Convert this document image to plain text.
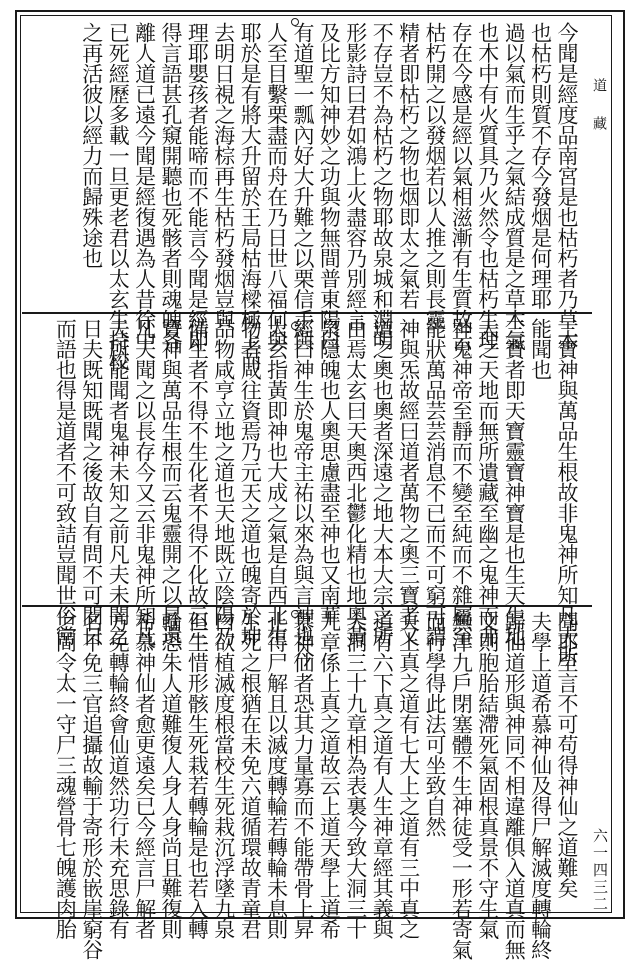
道 藏
六一四三二
今聞是經度品南宮是也枯朽者乃草木
也枯朽則質不存今發烟是何理耶
過以氣而生乎之氣結成質是之草木氣
也木中有火質具乃火然令也枯朽生理
存在今感是經以氣相滋漸有生質故云
枯朽開之以發烟若以人推之則長靈
精者即枯朽之物也烟即太之氣若
不存豈不為枯朽之物耶故泉城和淵明
形影詩曰君如鴻上火盡容乃別經言
及比方知神妙之功與物無間普東陽曰
有道聖一瓢內好大升難之以栗信手與
人至目繫栗盡而舟在乃日世八福何與
耶於是有將大升留於王局枯海樑極上而
去明日視之海棕再生枯朽發烟豈與
理耶嬰孩者能啼而不能言今聞是經即
得言語甚孔窺開聽也死骸者則魂魄各
離人道已遠今聞是經復遇為人昔徐中
已死經歷多載一旦更老君以太玄生持校
之再活彼以經力而歸殊途也
三寶神與萬品生根故非鬼神所知凡夫所
能聞也
三寶者即天寶靈寶神寶是也生天生地
大之天地而無所遺藏至幽之鬼神而弗
神鬼神帝至靜而不變至純而不雜屬至
能狀萬品芸芸消息不已而不可窮可謂
神與炁故經曰道者萬物之奧三寶者又
道之奧也奧者深遠之地大本大宗之所
由焉太玄曰天奧西北鬱化精也地奧黃
泉隱魄也人奧思慮盡至神也又南華
經曰神生於鬼帝主祐以來為與言神也今
大玄指黃即神也大成之氣是自西北生
物者咸往資焉乃元天之道也魄寄於坤
品物咸亨立地之道也天地既立陰陽乃
備生者不得不生化者不得不化故云三
寶神與萬品生根而云鬼靈開之以昇還
凡夫聞之以長存今又云非鬼神所知凡
夫所能聞者鬼神未知之前凡夫未聞之
日夫既知既聞之後故自有問不可問日
而語也得是道者不可致詰豈聞世俗常
聞耶至言不可苟得神仙之道難矣
夫學上道希慕神仙及得尸解滅度轉輪終
歸仙道形與神同不相違離俱入道真而無
文則胞胎結滯死氣固根真景不守生氣
無津九戶閉塞體不生神徒受一形若寄氣
而行學得此法可坐致自然
夫上真之道有七大上之道有三中真之
道有六下真之道有人生神章經其義與
大洞三十九章相為表裏今致大洞三十
九章係上真之道故云上道天學上道希
慕神仙者恐其力量寡而不能帶骨上昇
止得尸解且以滅度轉輪若轉輪未息則
生死之根猶在未免六道循環故青童君
曰欲植滅度根當校生死栽沉浮墜九泉
但生惜形骸生死栽若轉輪是也若入轉
輪恐朱人道難復人身人身尚且難復則
希慕神仙者愈更遠矣已今經言尸解者
方免轉輪終會仙道然功行未充思錄有
名不免三官追攝故輸于寄形於嵌崖窮谷
之間令太一守尸三魂營骨七魄護肉胎
